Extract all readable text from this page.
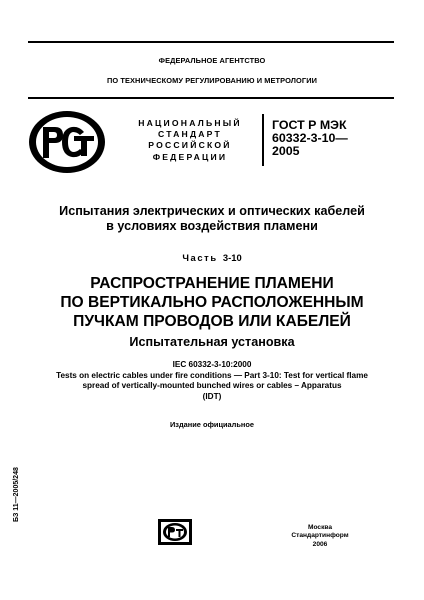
ФЕДЕРАЛЬНОЕ АГЕНТСТВО
ПО ТЕХНИЧЕСКОМУ РЕГУЛИРОВАНИЮ И МЕТРОЛОГИИ
НАЦИОНАЛЬНЫЙ
СТАНДАРТ
РОССИЙСКОЙ
ФЕДЕРАЦИИ
ГОСТ Р МЭК
60332-3-10—
2005
Испытания электрических и оптических кабелей
в условиях воздействия пламени
Часть 3-10
РАСПРОСТРАНЕНИЕ ПЛАМЕНИ
ПО ВЕРТИКАЛЬНО РАСПОЛОЖЕННЫМ
ПУЧКАМ ПРОВОДОВ ИЛИ КАБЕЛЕЙ
Испытательная установка
IEC 60332-3-10:2000
Tests on electric cables under fire conditions — Part 3-10: Test for vertical flame
spread of vertically-mounted bunched wires or cables – Apparatus
(IDT)
Издание официальное
БЗ 11—2005/248
Москва
Стандартинформ
2006
